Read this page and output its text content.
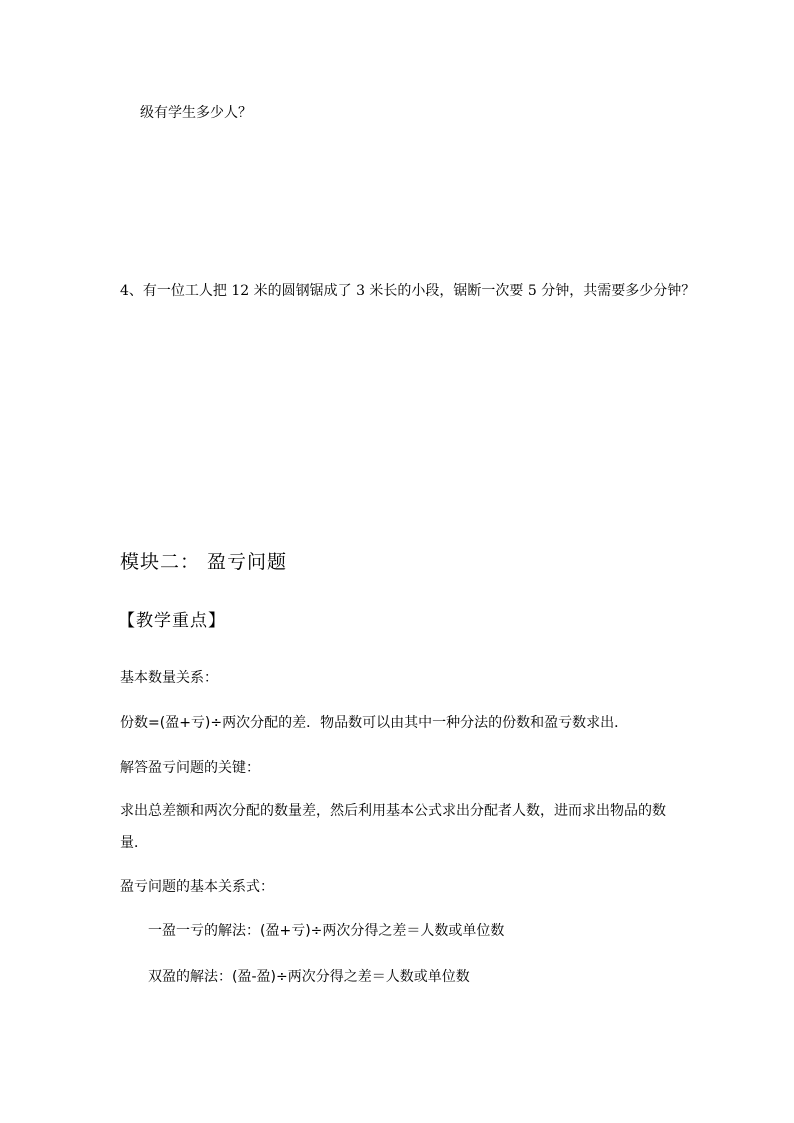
级有学生多少人？
4、有一位工人把 12 米的圆钢锯成了 3 米长的小段，锯断一次要 5 分钟，共需要多少分钟？
模块二： 盈亏问题
【教学重点】
基本数量关系：
份数=(盈+亏)÷两次分配的差．物品数可以由其中一种分法的份数和盈亏数求出．
解答盈亏问题的关键：
求出总差额和两次分配的数量差，然后利用基本公式求出分配者人数，进而求出物品的数
量．
盈亏问题的基本关系式：
一盈一亏的解法：(盈+亏)÷两次分得之差＝人数或单位数
双盈的解法：(盈-盈)÷两次分得之差＝人数或单位数
